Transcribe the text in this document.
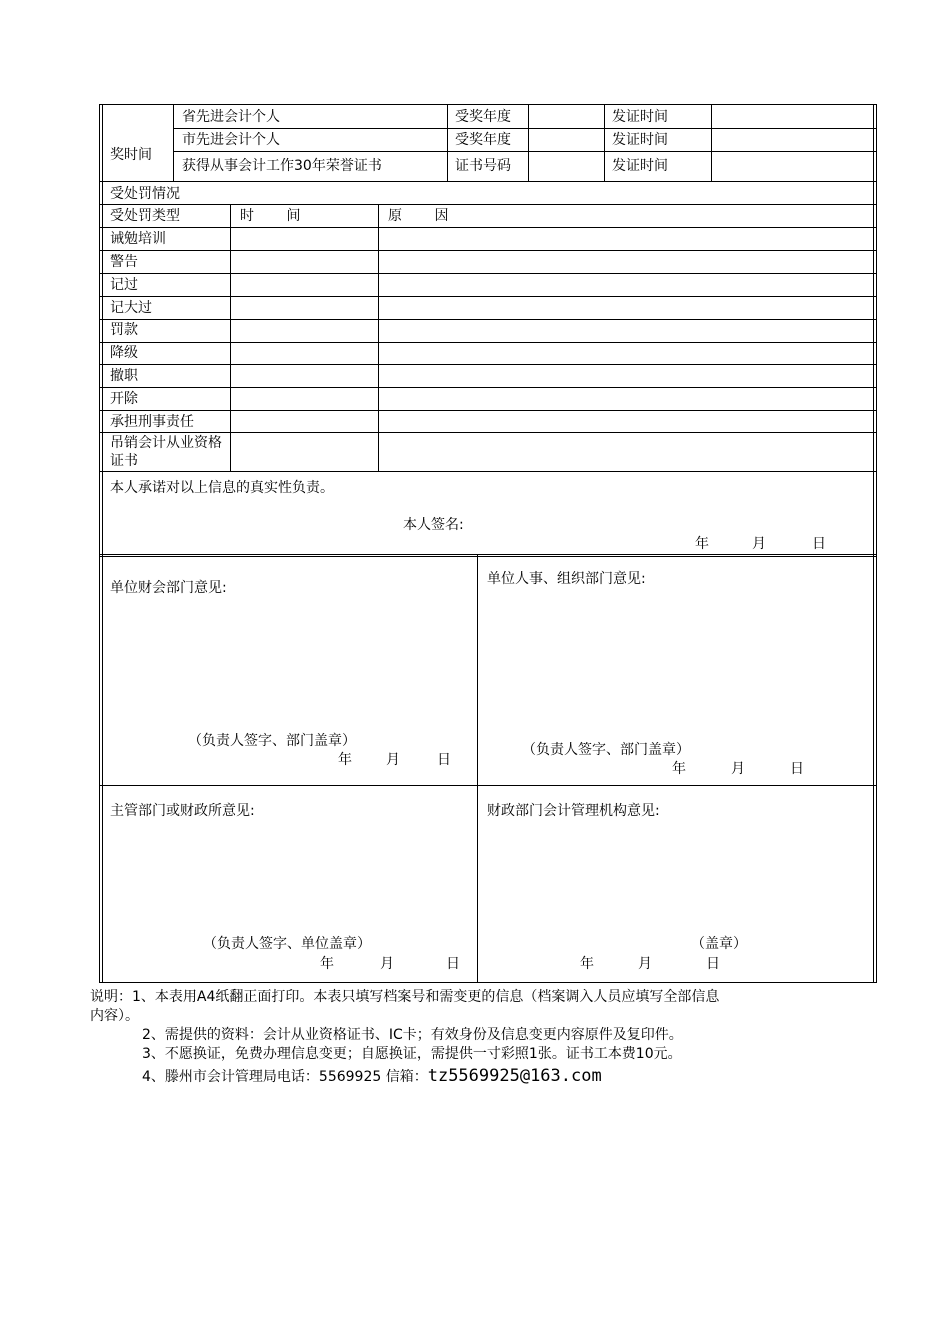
奖时间
省先进会计个人	受奖年度	发证时间
市先进会计个人	受奖年度	发证时间
获得从事会计工作30年荣誉证书	证书号码	发证时间
受处罚情况
受处罚类型	时 间	原 因
诫勉培训
警告
记过
记大过
罚款
降级
撤职
开除
承担刑事责任
吊销会计从业资格证书
本人承诺对以上信息的真实性负责。
本人签名:
年	月	日
单位财会部门意见:
（负责人签字、部门盖章）
年 月	日
单位人事、组织部门意见:
（负责人签字、部门盖章）
年	月	日
主管部门或财政所意见:
（负责人签字、单位盖章）
年	月	日
财政部门会计管理机构意见:
（盖章）
年	月	日
说明：1、本表用A4纸翻正面打印。本表只填写档案号和需变更的信息（档案调入人员应填写全部信息
内容）。
2、需提供的资料：会计从业资格证书、IC卡；有效身份及信息变更内容原件及复印件。
3、不愿换证，免费办理信息变更；自愿换证，需提供一寸彩照1张。证书工本费10元。
4、滕州市会计管理局电话：5569925 信箱：tz5569925@163.com
